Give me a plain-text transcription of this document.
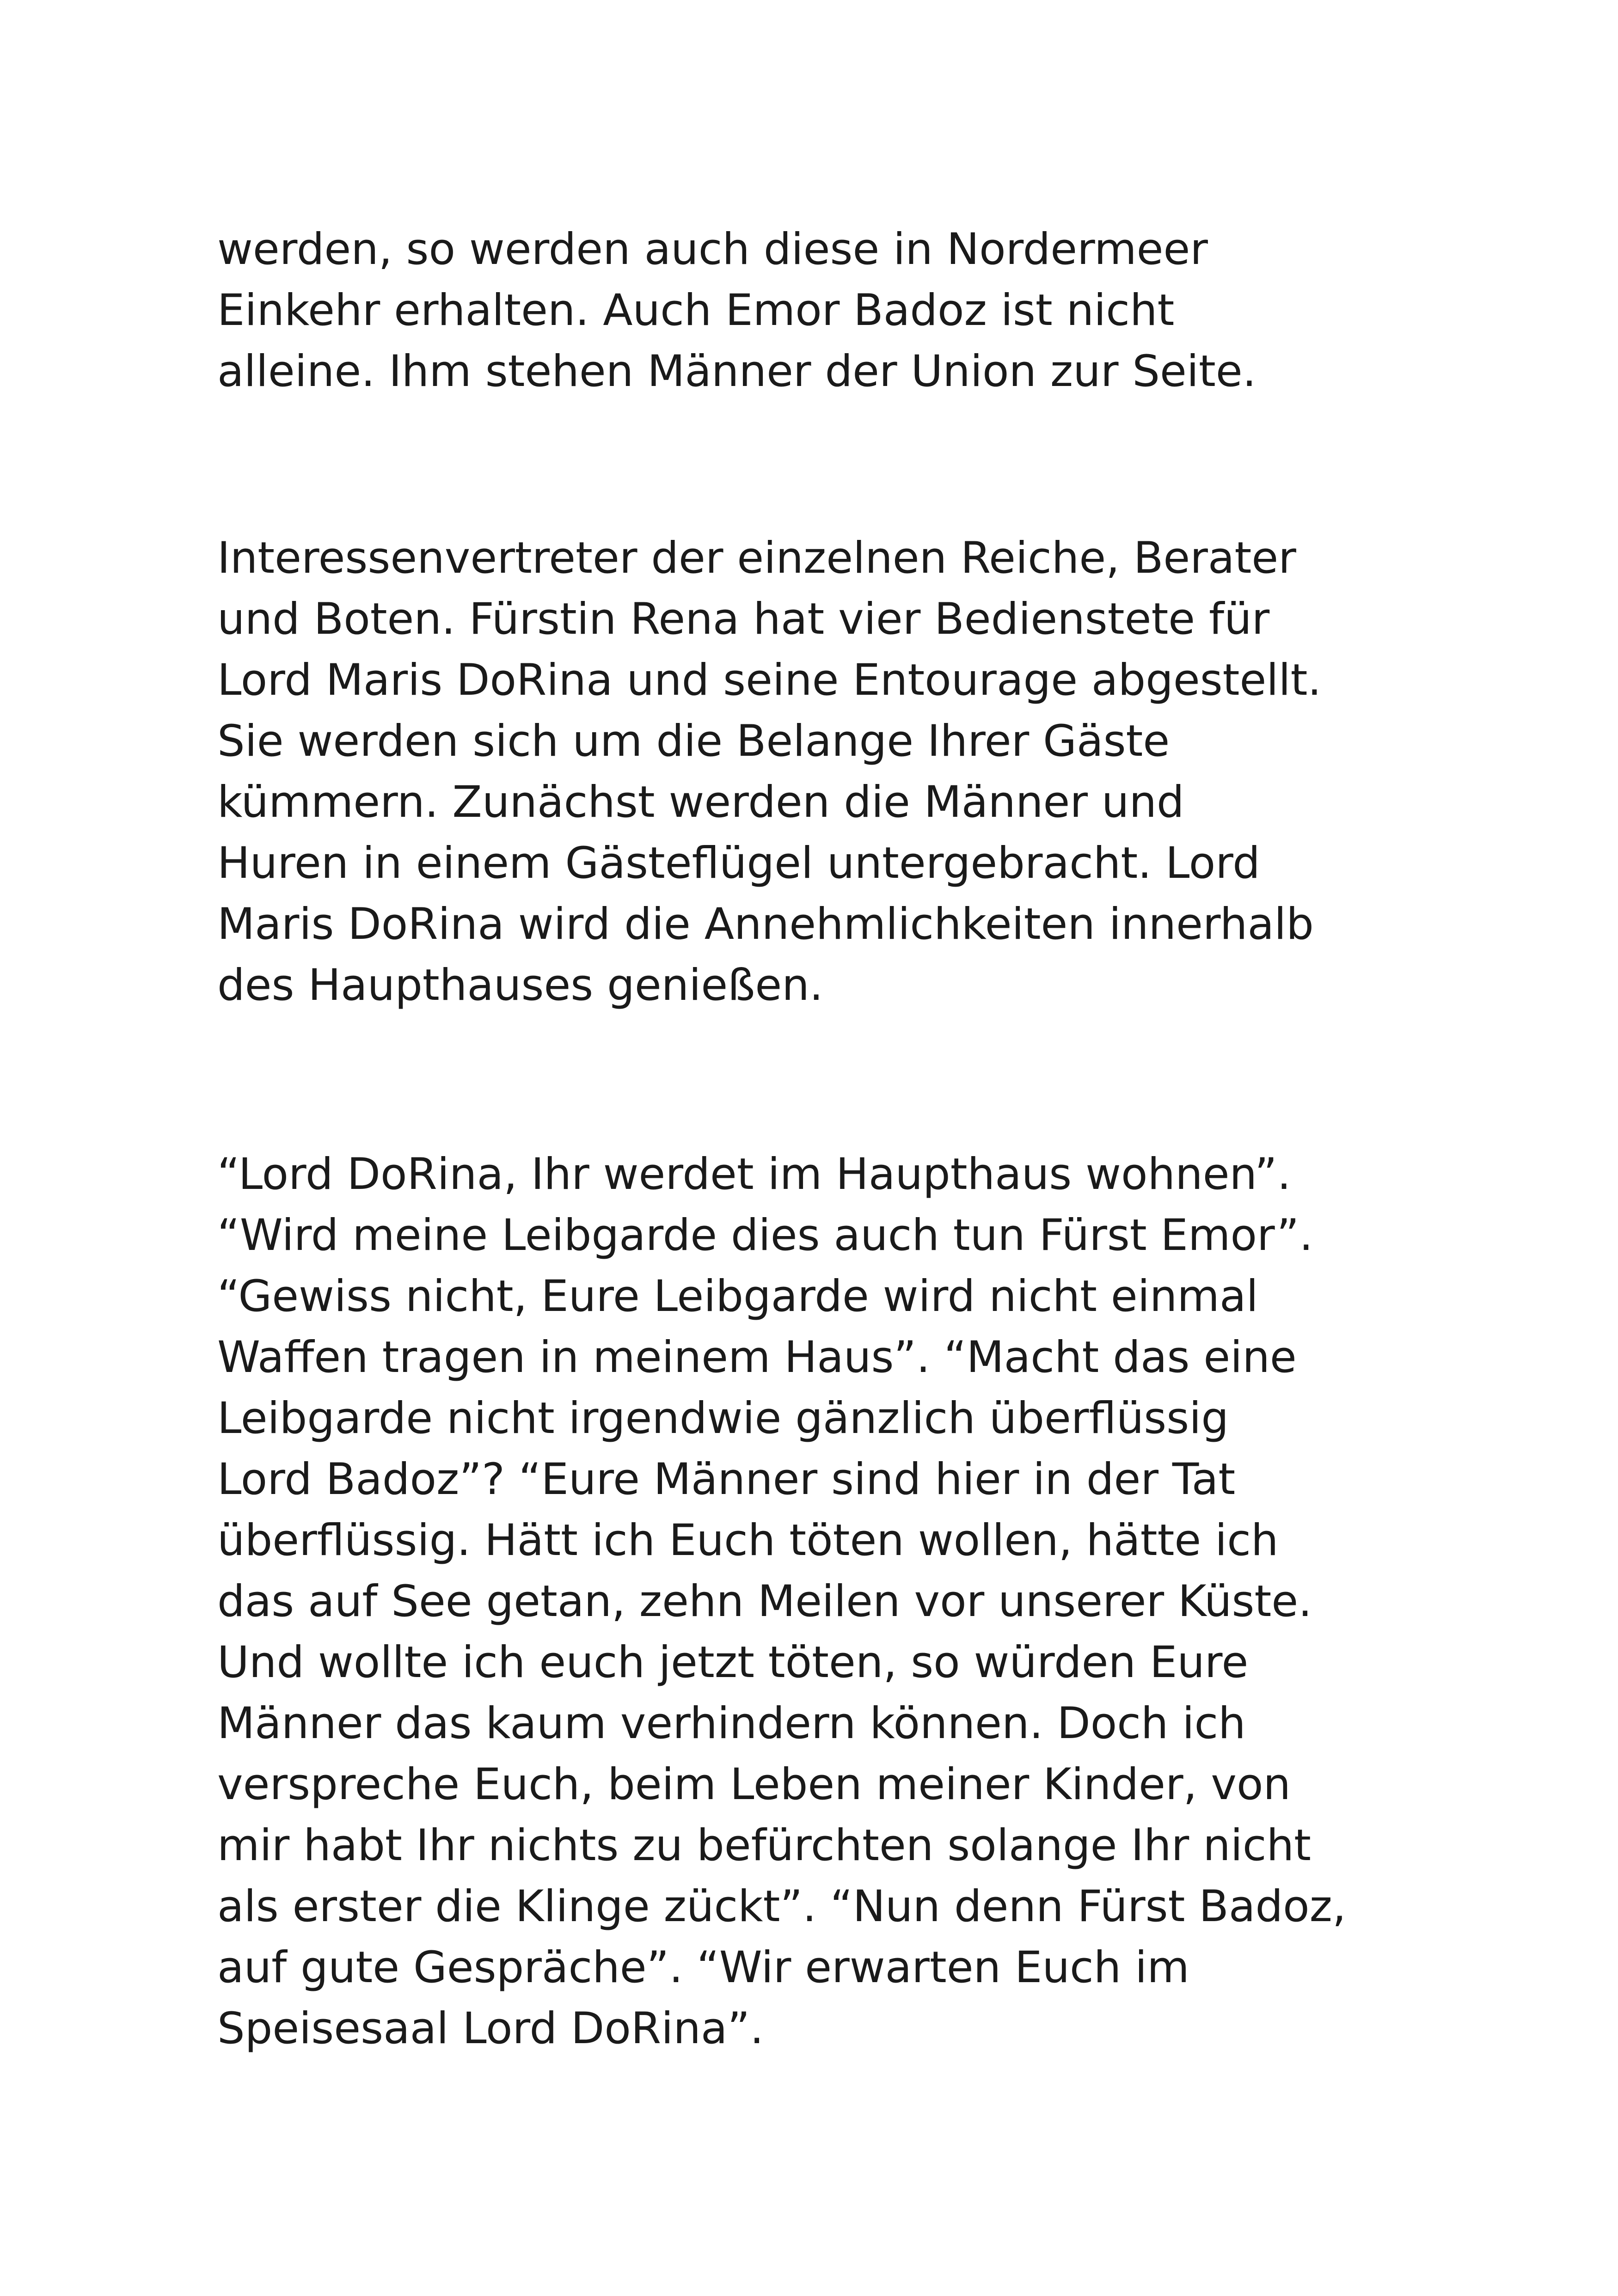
werden, so werden auch diese in Nordermeer
Einkehr erhalten. Auch Emor Badoz ist nicht
alleine. Ihm stehen Männer der Union zur Seite.

Interessenvertreter der einzelnen Reiche, Berater
und Boten. Fürstin Rena hat vier Bedienstete für
Lord Maris DoRina und seine Entourage abgestellt.
Sie werden sich um die Belange Ihrer Gäste
kümmern. Zunächst werden die Männer und
Huren in einem Gästeflügel untergebracht. Lord
Maris DoRina wird die Annehmlichkeiten innerhalb
des Haupthauses genießen.

“Lord DoRina, Ihr werdet im Haupthaus wohnen”.
“Wird meine Leibgarde dies auch tun Fürst Emor”.
“Gewiss nicht, Eure Leibgarde wird nicht einmal
Waffen tragen in meinem Haus”. “Macht das eine
Leibgarde nicht irgendwie gänzlich überflüssig
Lord Badoz”? “Eure Männer sind hier in der Tat
überflüssig. Hätt ich Euch töten wollen, hätte ich
das auf See getan, zehn Meilen vor unserer Küste.
Und wollte ich euch jetzt töten, so würden Eure
Männer das kaum verhindern können. Doch ich
verspreche Euch, beim Leben meiner Kinder, von
mir habt Ihr nichts zu befürchten solange Ihr nicht
als erster die Klinge zückt”. “Nun denn Fürst Badoz,
auf gute Gespräche”. “Wir erwarten Euch im
Speisesaal Lord DoRina”.
